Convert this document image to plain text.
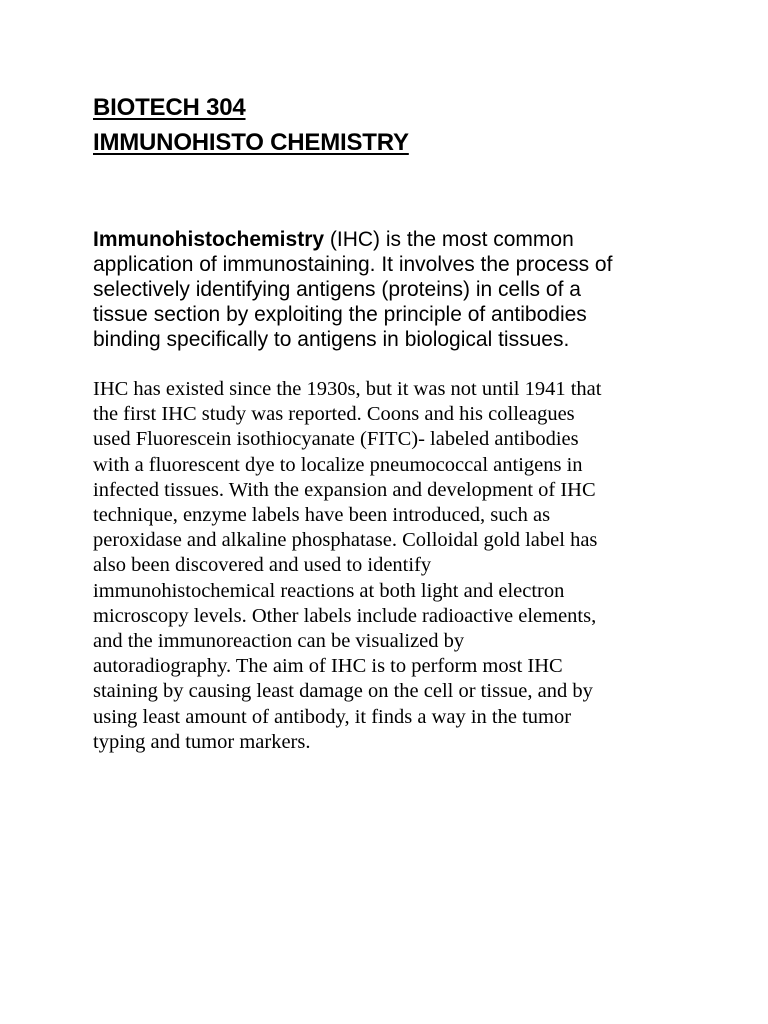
BIOTECH 304
IMMUNOHISTO CHEMISTRY

Immunohistochemistry (IHC) is the most common
application of immunostaining. It involves the process of
selectively identifying antigens (proteins) in cells of a
tissue section by exploiting the principle of antibodies
binding specifically to antigens in biological tissues.

IHC has existed since the 1930s, but it was not until 1941 that
the first IHC study was reported. Coons and his colleagues
used Fluorescein isothiocyanate (FITC)- labeled antibodies
with a fluorescent dye to localize pneumococcal antigens in
infected tissues. With the expansion and development of IHC
technique, enzyme labels have been introduced, such as
peroxidase and alkaline phosphatase. Colloidal gold label has
also been discovered and used to identify
immunohistochemical reactions at both light and electron
microscopy levels. Other labels include radioactive elements,
and the immunoreaction can be visualized by
autoradiography. The aim of IHC is to perform most IHC
staining by causing least damage on the cell or tissue, and by
using least amount of antibody, it finds a way in the tumor
typing and tumor markers.
